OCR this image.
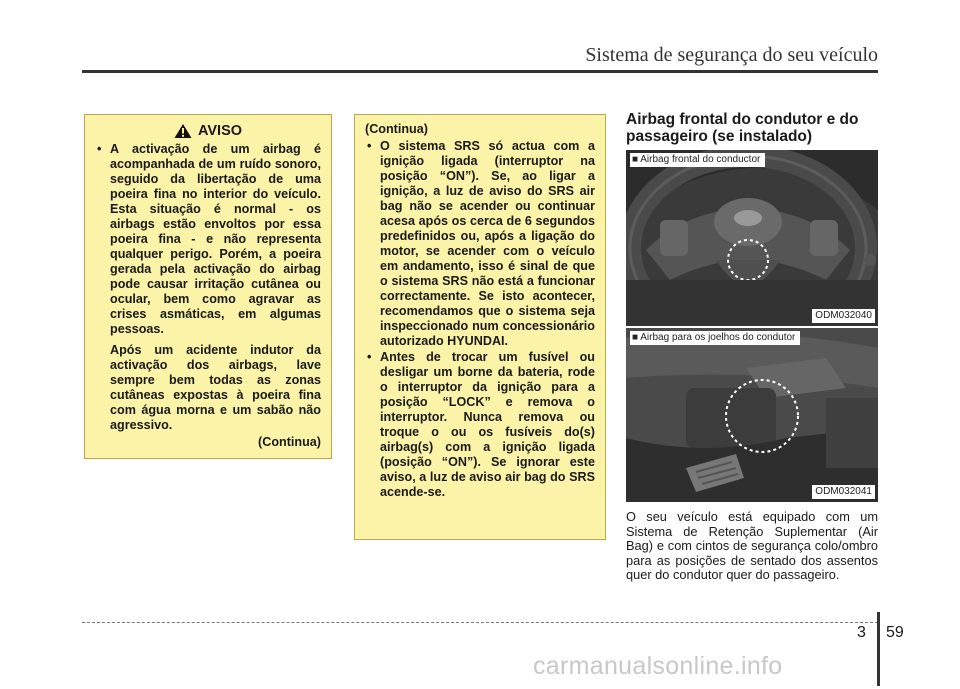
Sistema de segurança do seu veículo
AVISO
• A activação de um airbag é acompanhada de um ruído sonoro, seguido da libertação de uma poeira fina no interior do veículo. Esta situação é normal - os airbags estão envoltos por essa poeira fina - e não representa qualquer perigo. Porém, a poeira gerada pela activação do airbag pode causar irritação cutânea ou ocular, bem como agravar as crises asmáticas, em algumas pessoas.
Após um acidente indutor da activação dos airbags, lave sempre bem todas as zonas cutâneas expostas à poeira fina com água morna e um sabão não agressivo.
(Continua)
(Continua)
• O sistema SRS só actua com a ignição ligada (interruptor na posição “ON”). Se, ao ligar a ignição, a luz de aviso do SRS air bag não se acender ou continuar acesa após os cerca de 6 segundos predefinidos ou, após a ligação do motor, se acender com o veículo em andamento, isso é sinal de que o sistema SRS não está a funcionar correctamente. Se isto acontecer, recomendamos que o sistema seja inspeccionado num concessionário autorizado HYUNDAI.
• Antes de trocar um fusível ou desligar um borne da bateria, rode o interruptor da ignição para a posição “LOCK” e remova o interruptor. Nunca remova ou troque o ou os fusíveis do(s) airbag(s) com a ignição ligada (posição “ON”). Se ignorar este aviso, a luz de aviso air bag do SRS acende-se.
Airbag frontal do condutor e do passageiro (se instalado)
■ Airbag frontal do conductor
ODM032040
■ Airbag para os joelhos do condutor
ODM032041
O seu veículo está equipado com um Sistema de Retenção Suplementar (Air Bag) e com cintos de segurança colo/ombro para as posições de sentado dos assentos quer do condutor quer do passageiro.
3 59
carmanualsonline.info
